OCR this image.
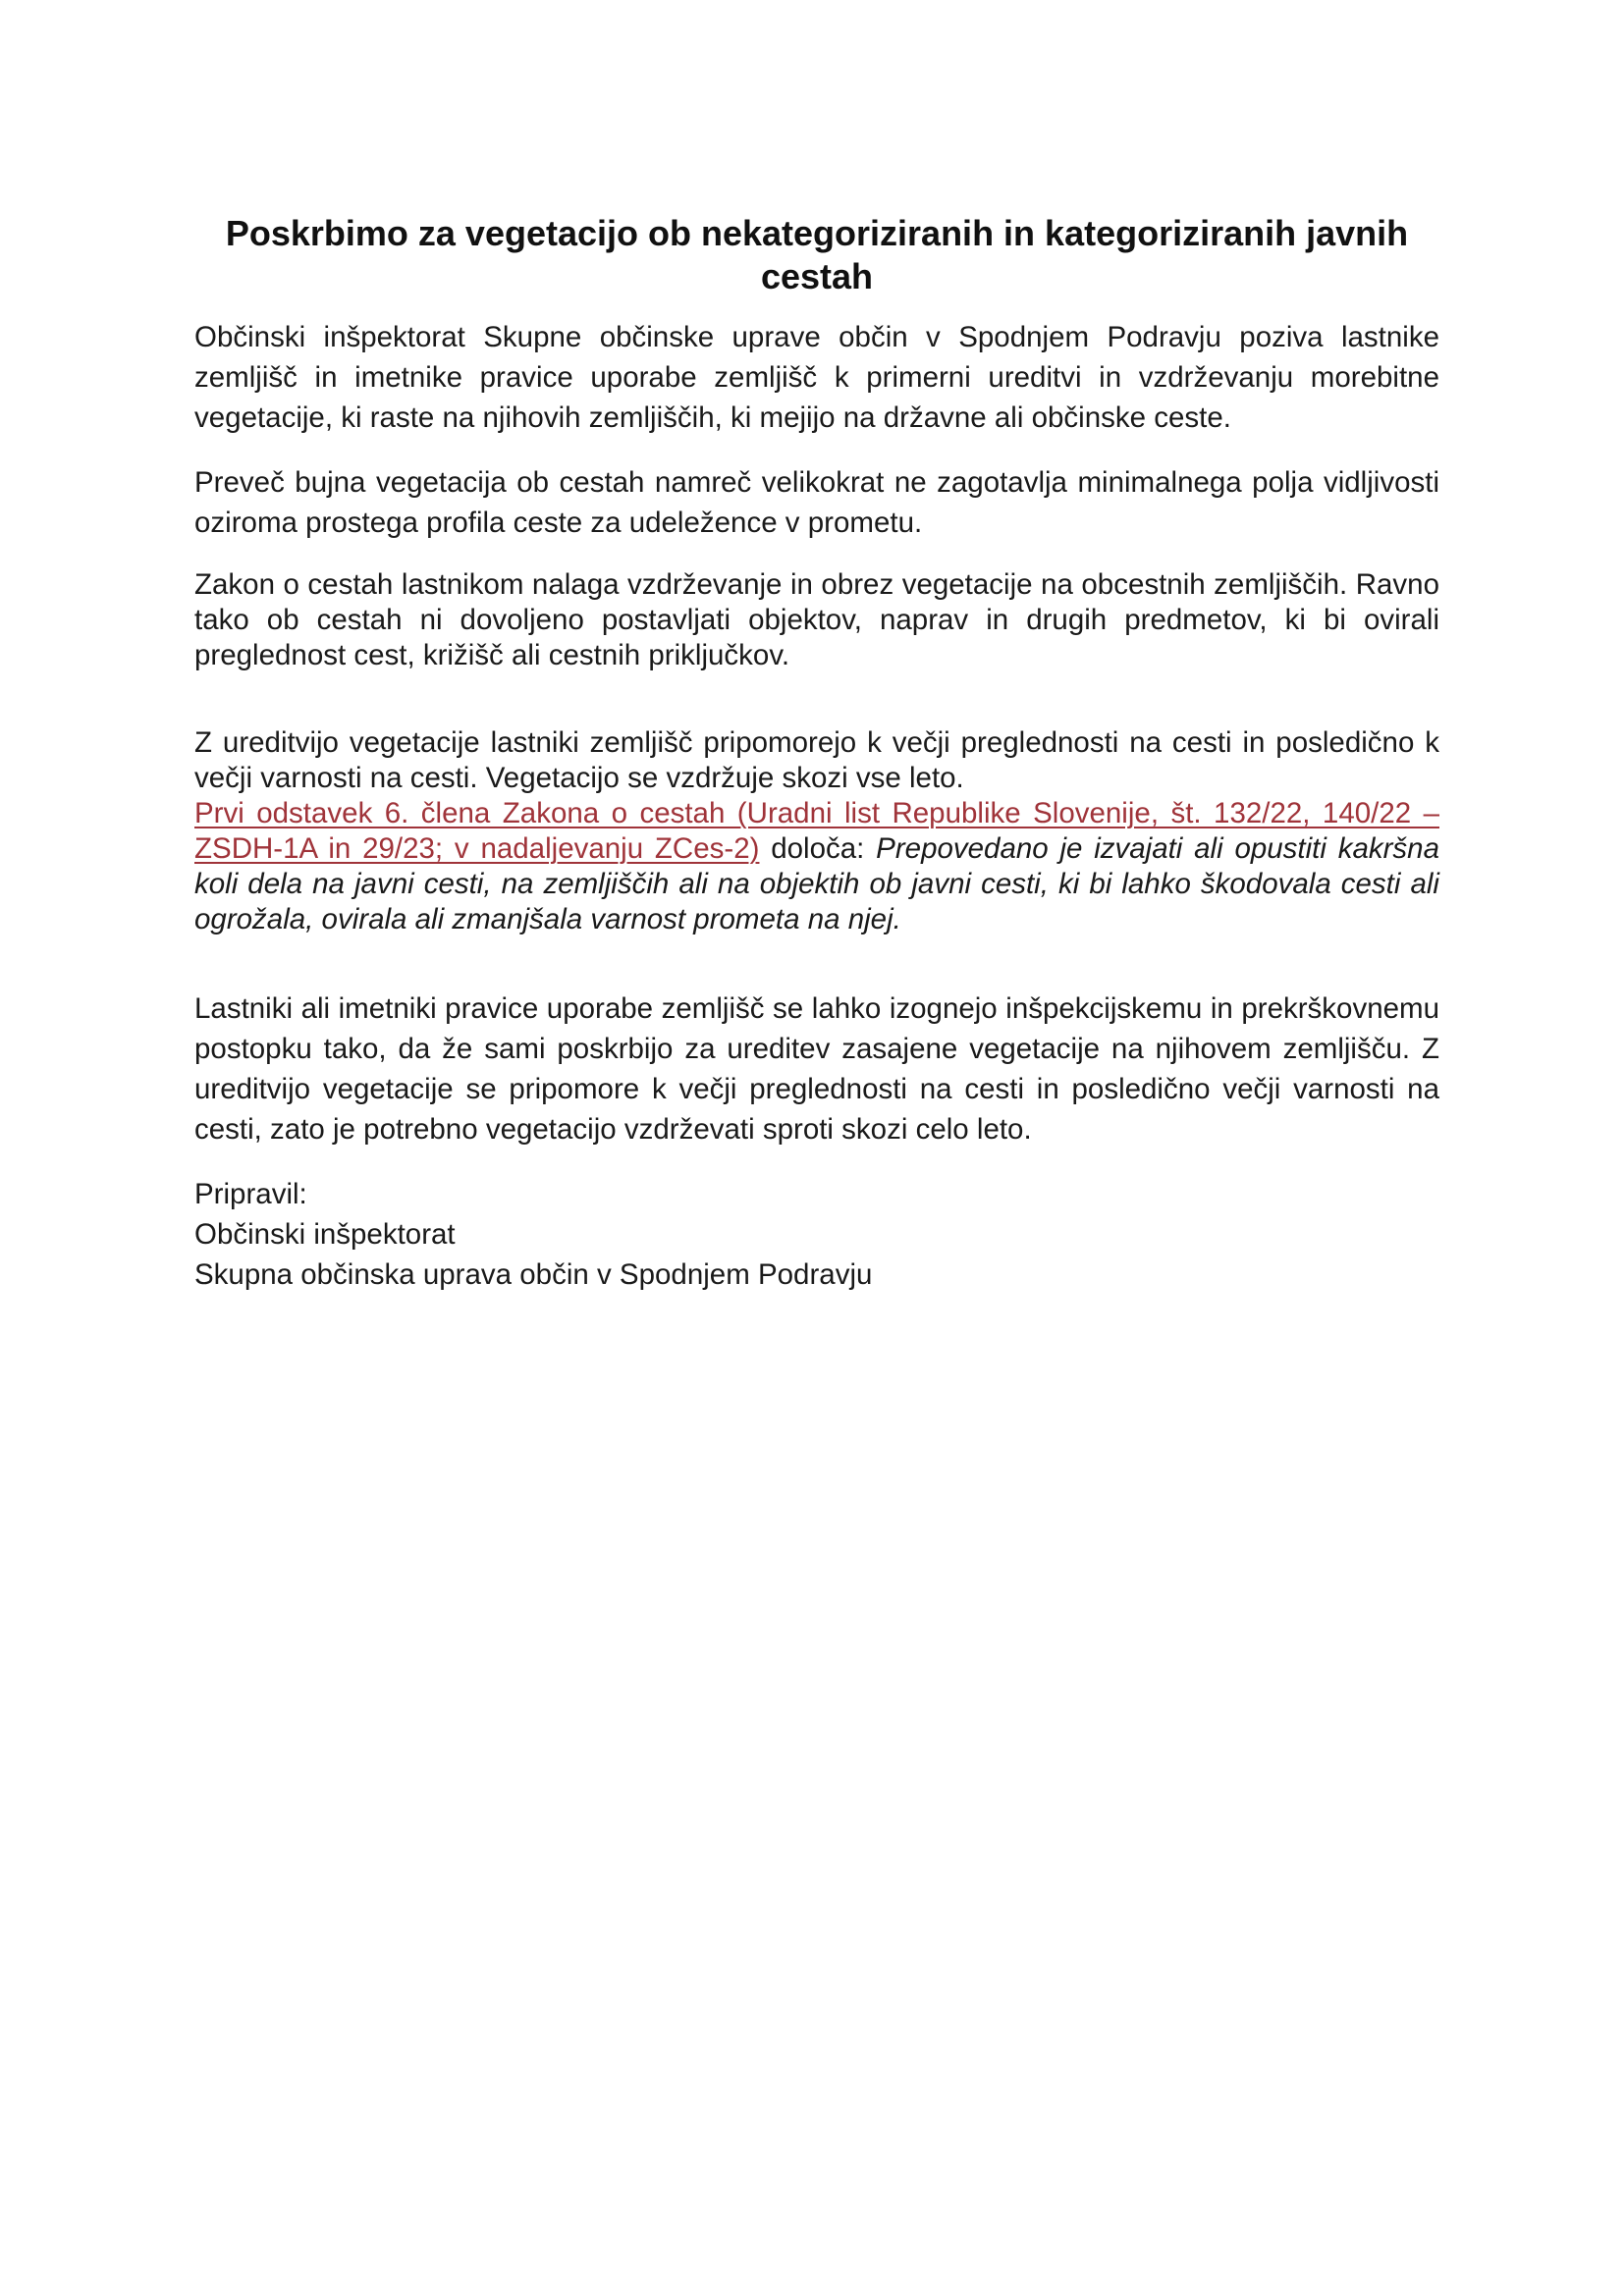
Poskrbimo za vegetacijo ob nekategoriziranih in kategoriziranih javnih cestah

Občinski inšpektorat Skupne občinske uprave občin v Spodnjem Podravju poziva lastnike zemljišč in imetnike pravice uporabe zemljišč k primerni ureditvi in vzdrževanju morebitne vegetacije, ki raste na njihovih zemljiščih, ki mejijo na državne ali občinske ceste.

Preveč bujna vegetacija ob cestah namreč velikokrat ne zagotavlja minimalnega polja vidljivosti oziroma prostega profila ceste za udeležence v prometu.

Zakon o cestah lastnikom nalaga vzdrževanje in obrez vegetacije na obcestnih zemljiščih. Ravno tako ob cestah ni dovoljeno postavljati objektov, naprav in drugih predmetov, ki bi ovirali preglednost cest, križišč ali cestnih priključkov.

Z ureditvijo vegetacije lastniki zemljišč pripomorejo k večji preglednosti na cesti in posledično k večji varnosti na cesti. Vegetacijo se vzdržuje skozi vse leto.

Prvi odstavek 6. člena Zakona o cestah (Uradni list Republike Slovenije, št. 132/22, 140/22 – ZSDH-1A in 29/23; v nadaljevanju ZCes-2) določa: Prepovedano je izvajati ali opustiti kakršna koli dela na javni cesti, na zemljiščih ali na objektih ob javni cesti, ki bi lahko škodovala cesti ali ogrožala, ovirala ali zmanjšala varnost prometa na njej.

Lastniki ali imetniki pravice uporabe zemljišč se lahko izognejo inšpekcijskemu in prekrškovnemu postopku tako, da že sami poskrbijo za ureditev zasajene vegetacije na njihovem zemljišču. Z ureditvijo vegetacije se pripomore k večji preglednosti na cesti in posledično večji varnosti na cesti, zato je potrebno vegetacijo vzdrževati sproti skozi celo leto.

Pripravil:
Občinski inšpektorat
Skupna občinska uprava občin v Spodnjem Podravju
